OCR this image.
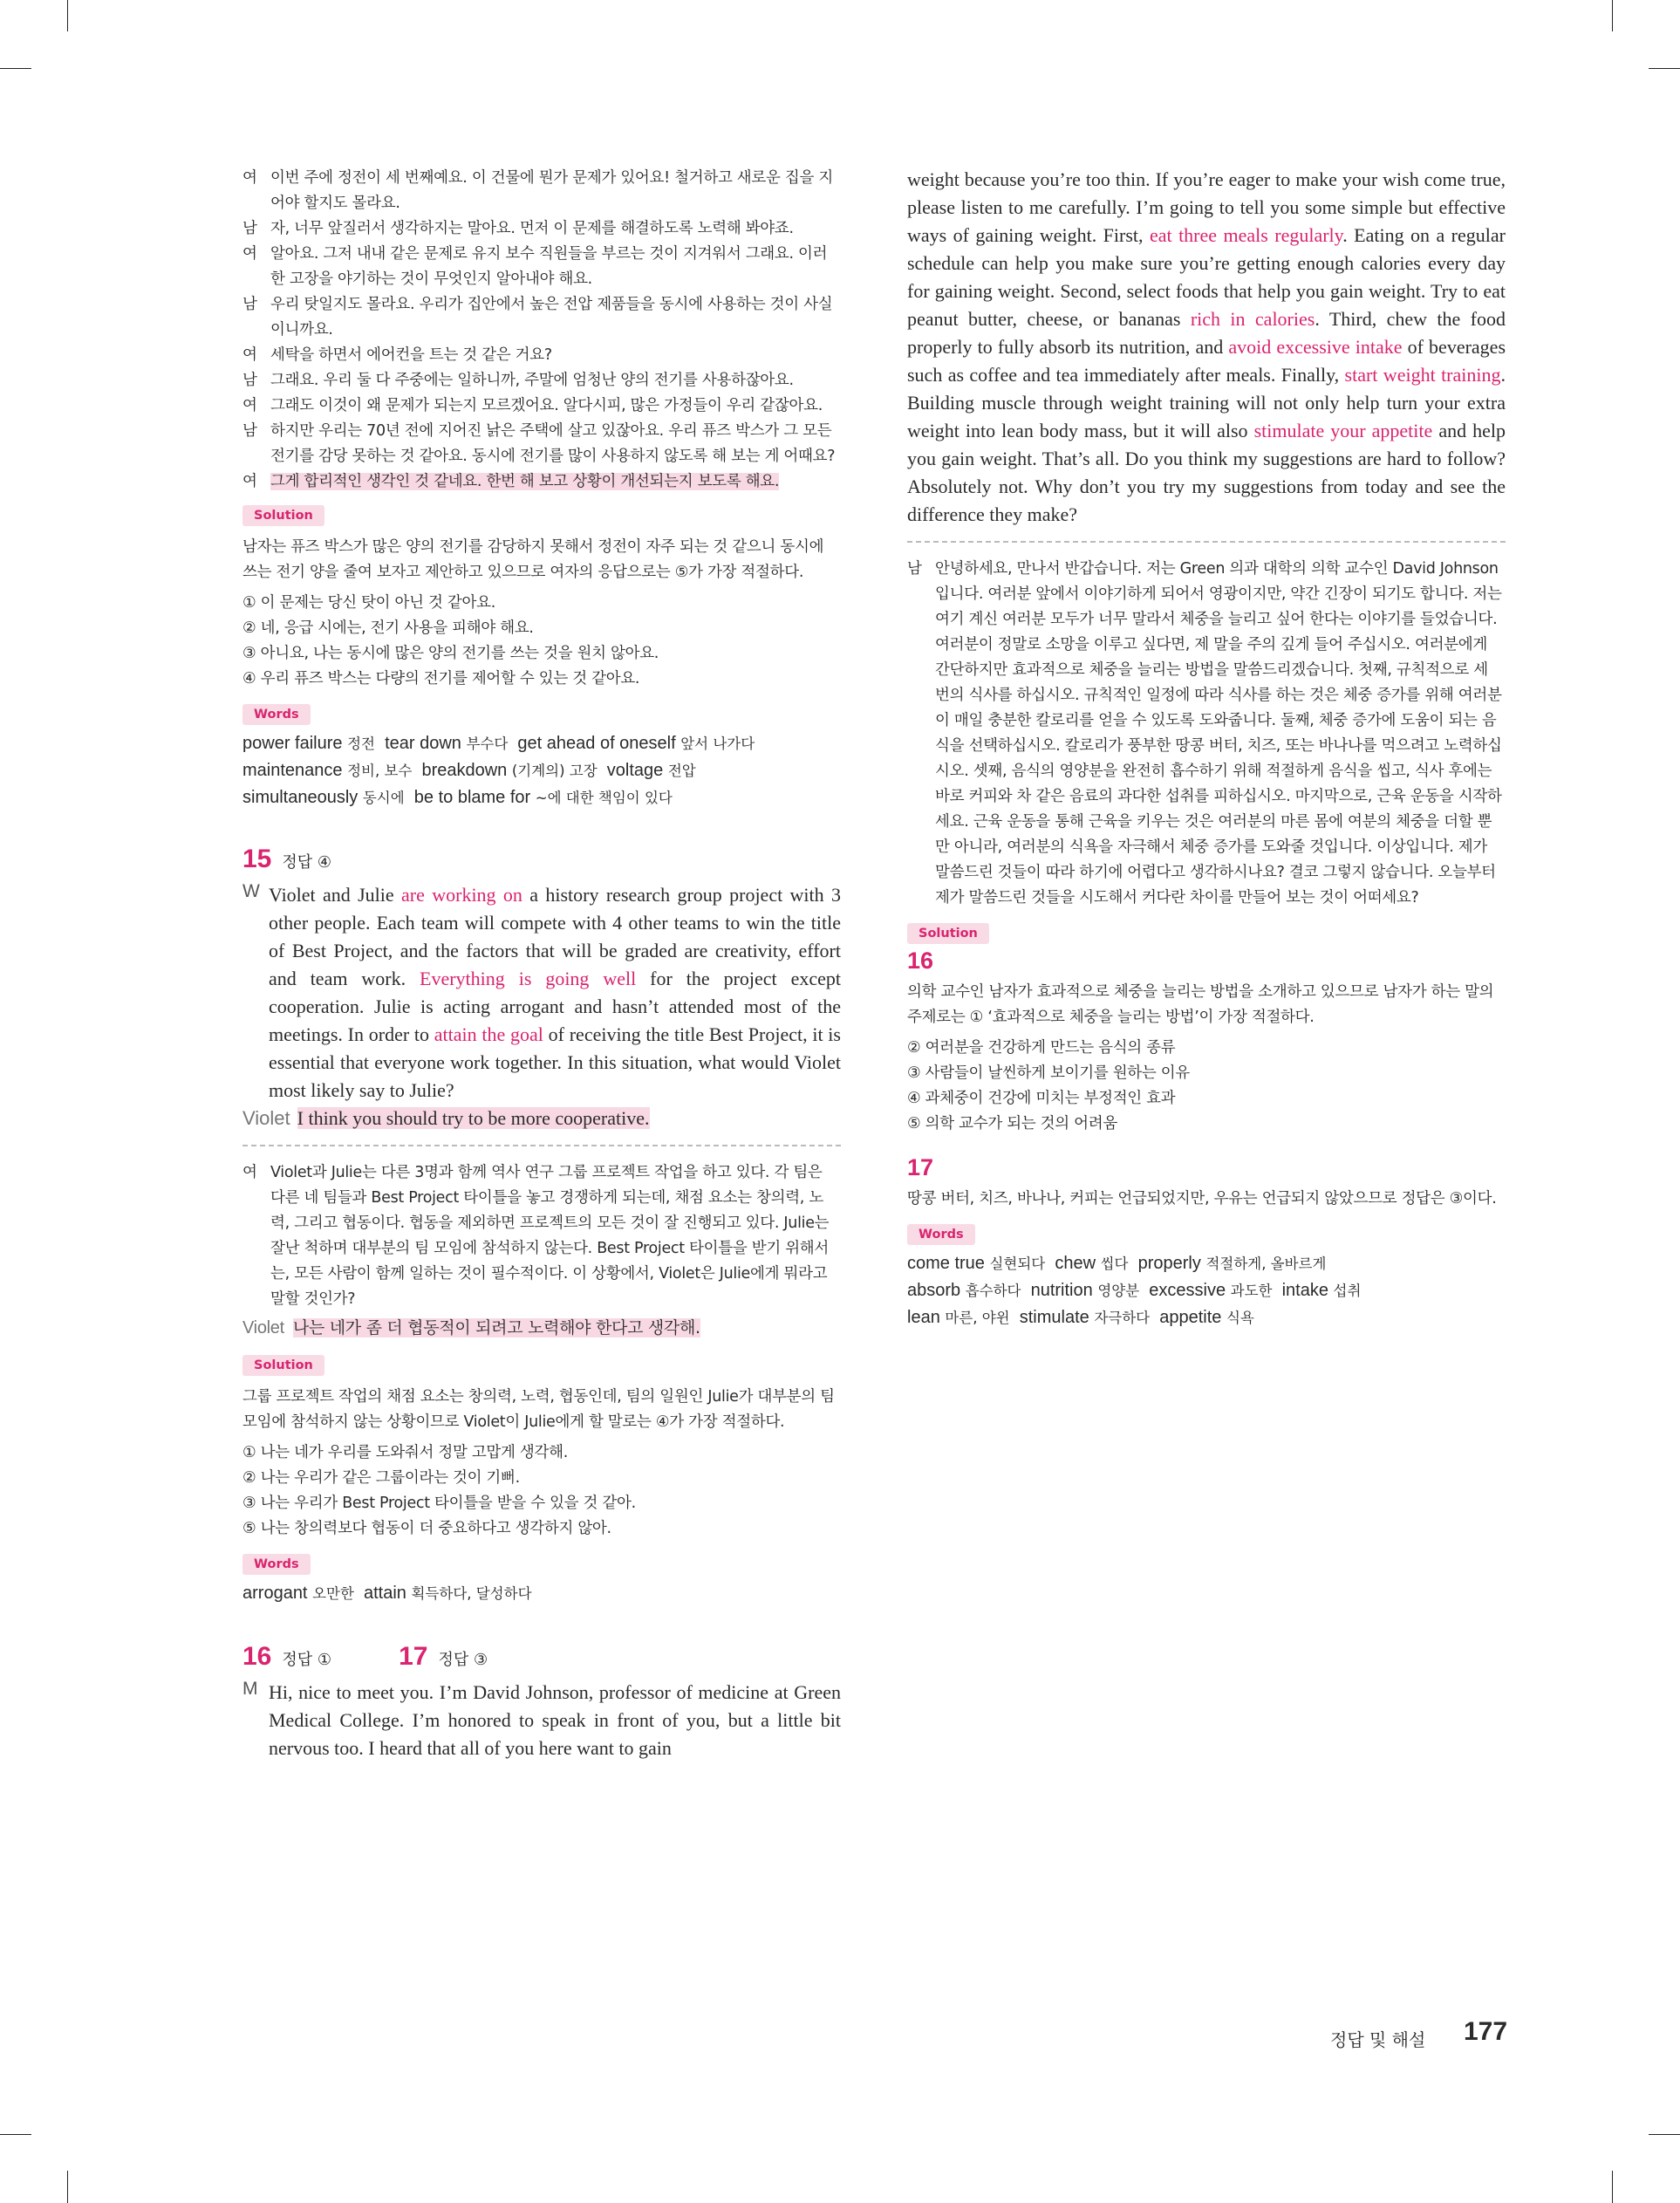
여 이번 주에 정전이 세 번째예요. 이 건물에 뭔가 문제가 있어요! 철거하고 새로운 집을 지어야 할지도 몰라요.
남 자, 너무 앞질러서 생각하지는 말아요. 먼저 이 문제를 해결하도록 노력해 봐야죠.
여 알아요. 그저 내내 같은 문제로 유지 보수 직원들을 부르는 것이 지겨워서 그래요. 이러한 고장을 야기하는 것이 무엇인지 알아내야 해요.
남 우리 탓일지도 몰라요. 우리가 집안에서 높은 전압 제품들을 동시에 사용하는 것이 사실이니까요.
여 세탁을 하면서 에어컨을 트는 것 같은 거요?
남 그래요. 우리 둘 다 주중에는 일하니까, 주말에 엄청난 양의 전기를 사용하잖아요.
여 그래도 이것이 왜 문제가 되는지 모르겠어요. 알다시피, 많은 가정들이 우리 같잖아요.
남 하지만 우리는 70년 전에 지어진 낡은 주택에 살고 있잖아요. 우리 퓨즈 박스가 그 모든 전기를 감당 못하는 것 같아요. 동시에 전기를 많이 사용하지 않도록 해 보는 게 어때요?
여 그게 합리적인 생각인 것 같네요. 한번 해 보고 상황이 개선되는지 보도록 해요.
Solution
남자는 퓨즈 박스가 많은 양의 전기를 감당하지 못해서 정전이 자주 되는 것 같으니 동시에 쓰는 전기 양을 줄여 보자고 제안하고 있으므로 여자의 응답으로는 ⑤가 가장 적절하다.
① 이 문제는 당신 탓이 아닌 것 같아요.
② 네, 응급 시에는, 전기 사용을 피해야 해요.
③ 아니요, 나는 동시에 많은 양의 전기를 쓰는 것을 원치 않아요.
④ 우리 퓨즈 박스는 다량의 전기를 제어할 수 있는 것 같아요.
Words
power failure 정전  tear down 부수다  get ahead of oneself 앞서 나가다
maintenance 정비, 보수  breakdown (기계의) 고장  voltage 전압
simultaneously 동시에  be to blame for ~에 대한 책임이 있다
15 정답 ④
W Violet and Julie are working on a history research group project with 3 other people. Each team will compete with 4 other teams to win the title of Best Project, and the factors that will be graded are creativity, effort and team work. Everything is going well for the project except cooperation. Julie is acting arrogant and hasn’t attended most of the meetings. In order to attain the goal of receiving the title Best Project, it is essential that everyone work together. In this situation, what would Violet most likely say to Julie?
Violet I think you should try to be more cooperative.
여 Violet과 Julie는 다른 3명과 함께 역사 연구 그룹 프로젝트 작업을 하고 있다. 각 팀은 다른 네 팀들과 Best Project 타이틀을 놓고 경쟁하게 되는데, 채점 요소는 창의력, 노력, 그리고 협동이다. 협동을 제외하면 프로젝트의 모든 것이 잘 진행되고 있다. Julie는 잘난 척하며 대부분의 팀 모임에 참석하지 않는다. Best Project 타이틀을 받기 위해서는, 모든 사람이 함께 일하는 것이 필수적이다. 이 상황에서, Violet은 Julie에게 뭐라고 말할 것인가?
Violet 나는 네가 좀 더 협동적이 되려고 노력해야 한다고 생각해.
Solution
그룹 프로젝트 작업의 채점 요소는 창의력, 노력, 협동인데, 팀의 일원인 Julie가 대부분의 팀 모임에 참석하지 않는 상황이므로 Violet이 Julie에게 할 말로는 ④가 가장 적절하다.
① 나는 네가 우리를 도와줘서 정말 고맙게 생각해.
② 나는 우리가 같은 그룹이라는 것이 기뻐.
③ 나는 우리가 Best Project 타이틀을 받을 수 있을 것 같아.
⑤ 나는 창의력보다 협동이 더 중요하다고 생각하지 않아.
Words
arrogant 오만한  attain 획득하다, 달성하다
16 정답 ①	17 정답 ③
M Hi, nice to meet you. I’m David Johnson, professor of medicine at Green Medical College. I’m honored to speak in front of you, but a little bit nervous too. I heard that all of you here want to gain
weight because you’re too thin. If you’re eager to make your wish come true, please listen to me carefully. I’m going to tell you some simple but effective ways of gaining weight. First, eat three meals regularly. Eating on a regular schedule can help you make sure you’re getting enough calories every day for gaining weight. Second, select foods that help you gain weight. Try to eat peanut butter, cheese, or bananas rich in calories. Third, chew the food properly to fully absorb its nutrition, and avoid excessive intake of beverages such as coffee and tea immediately after meals. Finally, start weight training. Building muscle through weight training will not only help turn your extra weight into lean body mass, but it will also stimulate your appetite and help you gain weight. That’s all. Do you think my suggestions are hard to follow? Absolutely not. Why don’t you try my suggestions from today and see the difference they make?
남 안녕하세요, 만나서 반갑습니다. 저는 Green 의과 대학의 의학 교수인 David Johnson입니다. 여러분 앞에서 이야기하게 되어서 영광이지만, 약간 긴장이 되기도 합니다. 저는 여기 계신 여러분 모두가 너무 말라서 체중을 늘리고 싶어 한다는 이야기를 들었습니다. 여러분이 정말로 소망을 이루고 싶다면, 제 말을 주의 깊게 들어 주십시오. 여러분에게 간단하지만 효과적으로 체중을 늘리는 방법을 말씀드리겠습니다. 첫째, 규칙적으로 세 번의 식사를 하십시오. 규칙적인 일정에 따라 식사를 하는 것은 체중 증가를 위해 여러분이 매일 충분한 칼로리를 얻을 수 있도록 도와줍니다. 둘째, 체중 증가에 도움이 되는 음식을 선택하십시오. 칼로리가 풍부한 땅콩 버터, 치즈, 또는 바나나를 먹으려고 노력하십시오. 셋째, 음식의 영양분을 완전히 흡수하기 위해 적절하게 음식을 씹고, 식사 후에는 바로 커피와 차 같은 음료의 과다한 섭취를 피하십시오. 마지막으로, 근육 운동을 시작하세요. 근육 운동을 통해 근육을 키우는 것은 여러분의 마른 몸에 여분의 체중을 더할 뿐만 아니라, 여러분의 식욕을 자극해서 체중 증가를 도와줄 것입니다. 이상입니다. 제가 말씀드린 것들이 따라 하기에 어렵다고 생각하시나요? 결코 그렇지 않습니다. 오늘부터 제가 말씀드린 것들을 시도해서 커다란 차이를 만들어 보는 것이 어떠세요?
Solution
16
의학 교수인 남자가 효과적으로 체중을 늘리는 방법을 소개하고 있으므로 남자가 하는 말의 주제로는 ① ‘효과적으로 체중을 늘리는 방법’이 가장 적절하다.
② 여러분을 건강하게 만드는 음식의 종류
③ 사람들이 날씬하게 보이기를 원하는 이유
④ 과체중이 건강에 미치는 부정적인 효과
⑤ 의학 교수가 되는 것의 어려움
17
땅콩 버터, 치즈, 바나나, 커피는 언급되었지만, 우유는 언급되지 않았으므로 정답은 ③이다.
Words
come true 실현되다  chew 씹다  properly 적절하게, 올바르게
absorb 흡수하다  nutrition 영양분  excessive 과도한  intake 섭취
lean 마른, 야윈  stimulate 자극하다  appetite 식욕
정답 및 해설 177
